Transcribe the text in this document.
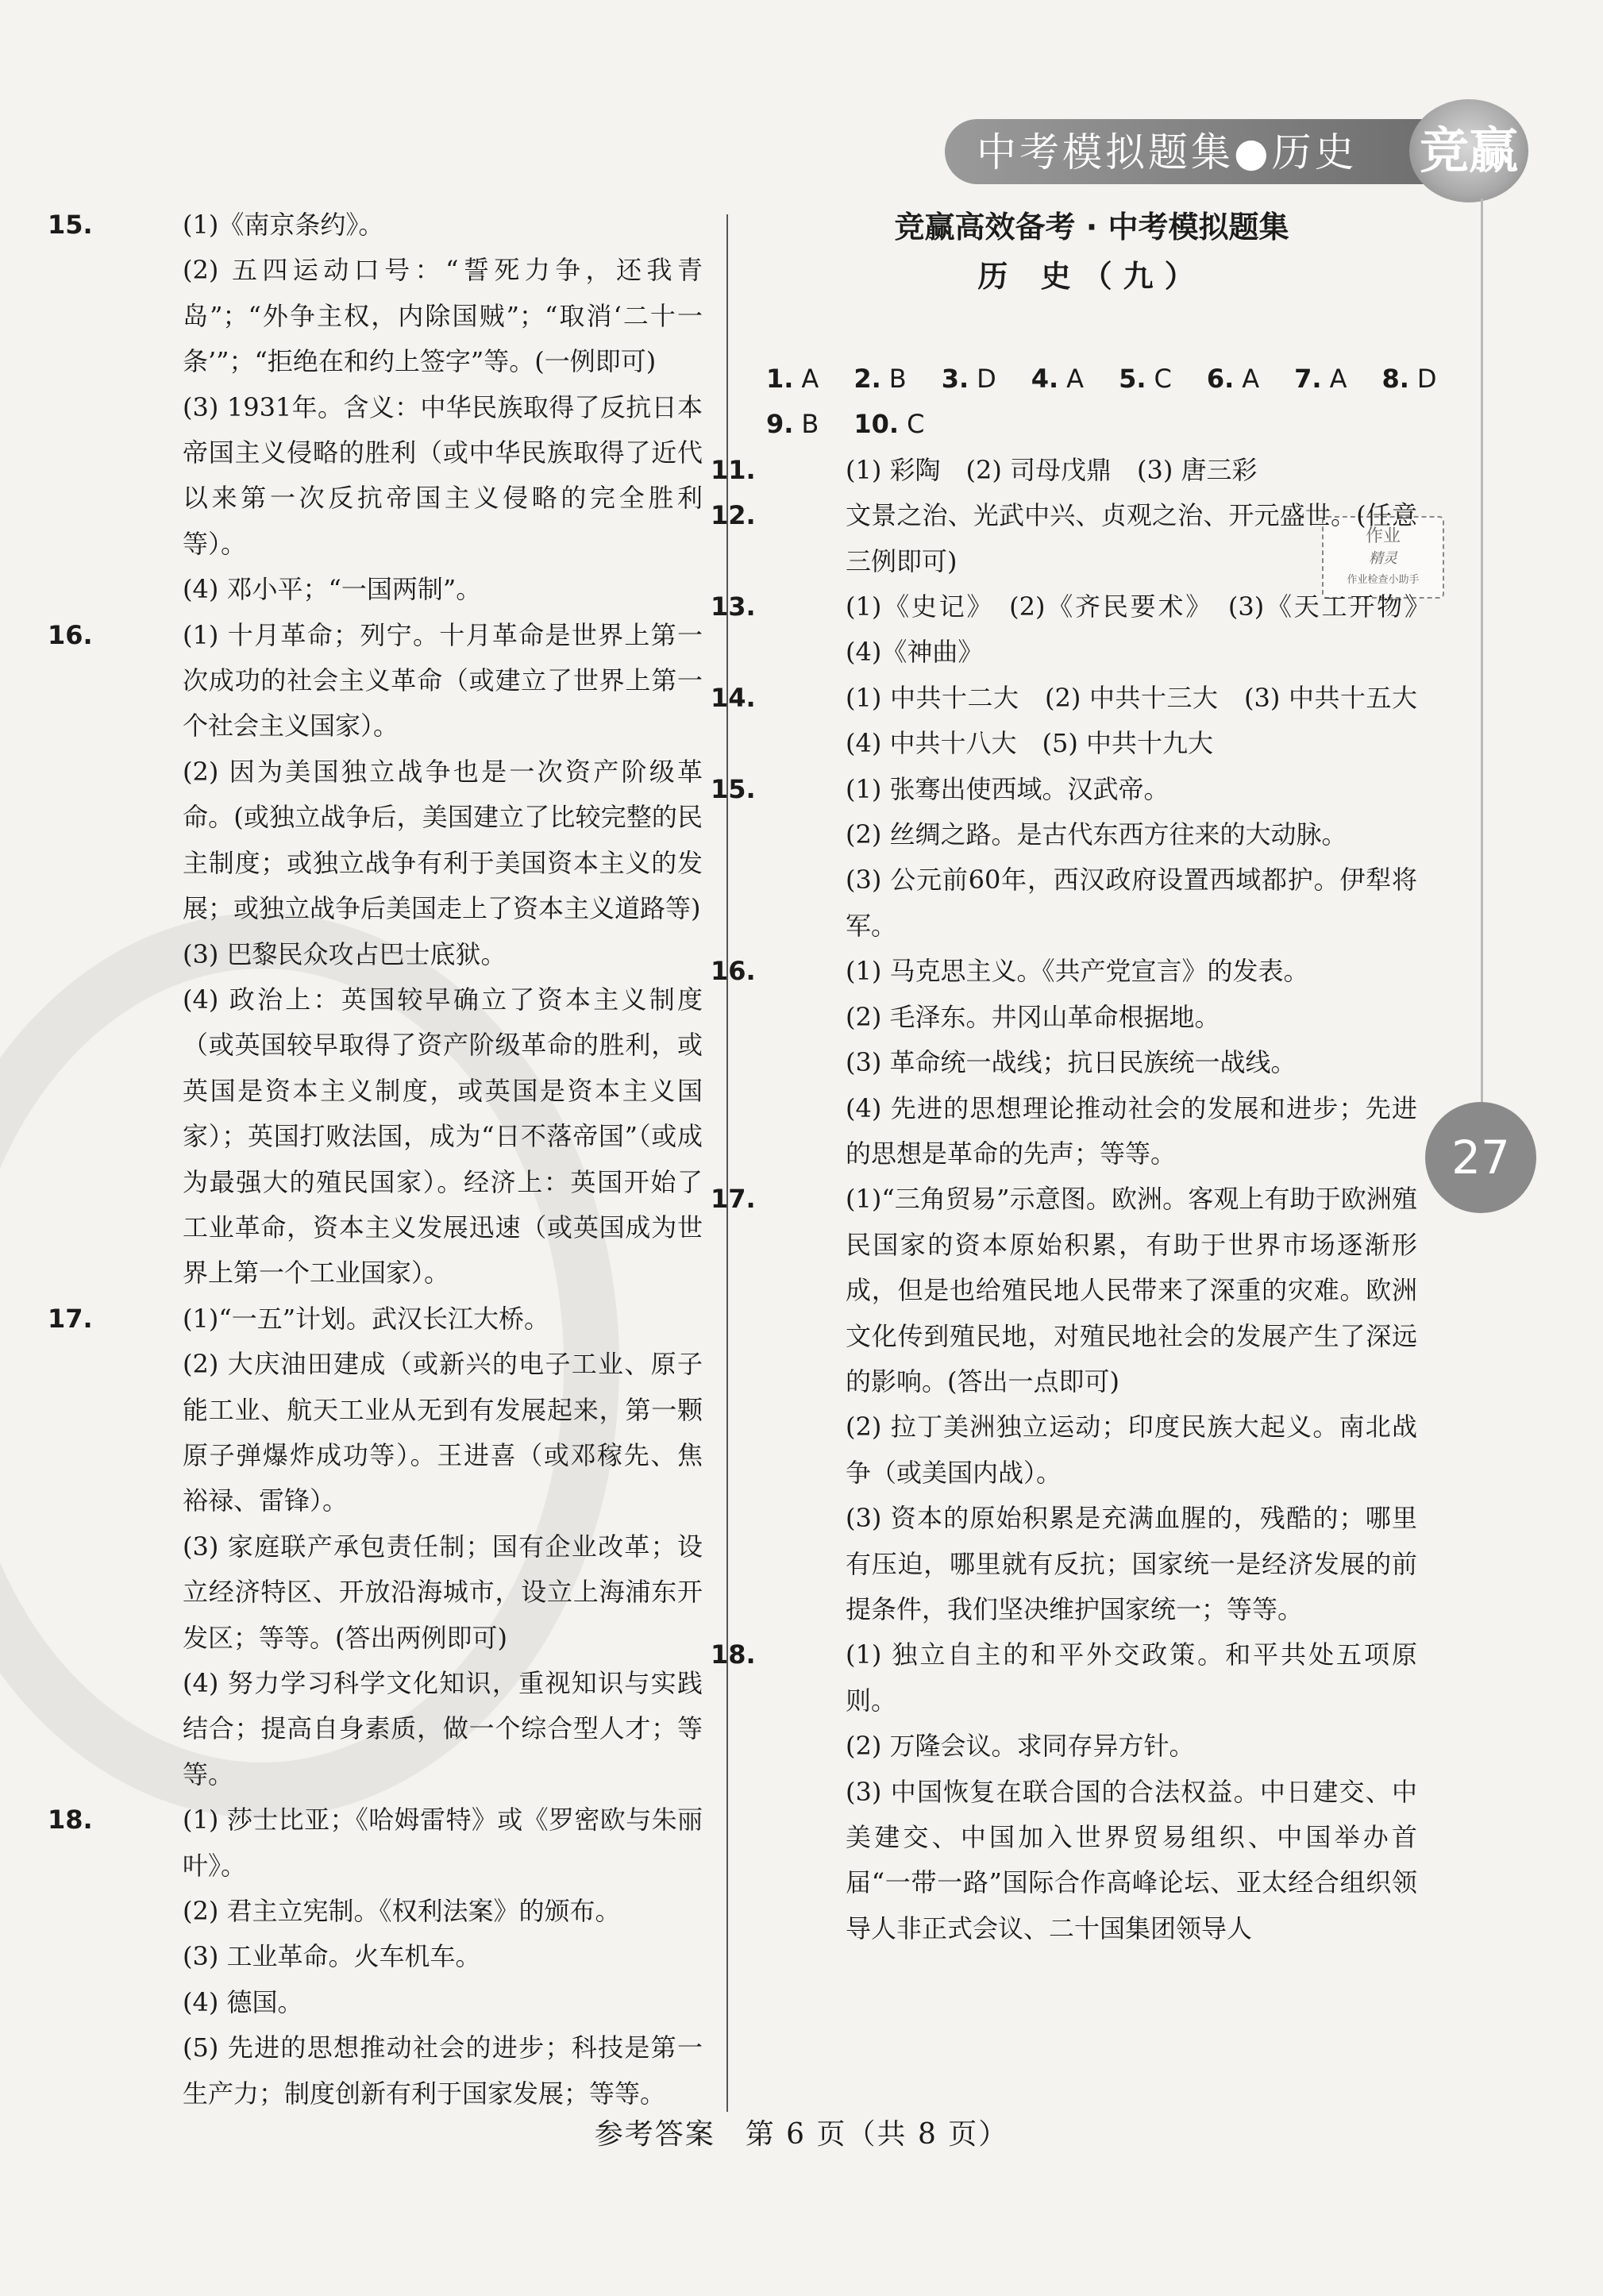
中考模拟题集●历史 竞赢
27
作业
精灵
作业检查小助手
15.	(1)《南京条约》。

(2) 五四运动口号：“誓死力争，还我青岛”；“外争主权，内除国贼”；“取消‘二十一条’”；“拒绝在和约上签字”等。(一例即可)

(3) 1931年。含义：中华民族取得了反抗日本帝国主义侵略的胜利（或中华民族取得了近代以来第一次反抗帝国主义侵略的完全胜利等）。

(4) 邓小平；“一国两制”。

16.	(1) 十月革命；列宁。十月革命是世界上第一次成功的社会主义革命（或建立了世界上第一个社会主义国家）。

(2) 因为美国独立战争也是一次资产阶级革命。(或独立战争后，美国建立了比较完整的民主制度；或独立战争有利于美国资本主义的发展；或独立战争后美国走上了资本主义道路等)

(3) 巴黎民众攻占巴士底狱。

(4) 政治上：英国较早确立了资本主义制度（或英国较早取得了资产阶级革命的胜利，或英国是资本主义制度，或英国是资本主义国家）；英国打败法国，成为“日不落帝国”（或成为最强大的殖民国家）。经济上：英国开始了工业革命，资本主义发展迅速（或英国成为世界上第一个工业国家）。

17.	(1)“一五”计划。武汉长江大桥。

(2) 大庆油田建成（或新兴的电子工业、原子能工业、航天工业从无到有发展起来，第一颗原子弹爆炸成功等）。王进喜（或邓稼先、焦裕禄、雷锋）。

(3) 家庭联产承包责任制；国有企业改革；设立经济特区、开放沿海城市，设立上海浦东开发区；等等。(答出两例即可)

(4) 努力学习科学文化知识，重视知识与实践结合；提高自身素质，做一个综合型人才；等等。

18.	(1) 莎士比亚；《哈姆雷特》或《罗密欧与朱丽叶》。

(2) 君主立宪制。《权利法案》的颁布。

(3) 工业革命。火车机车。

(4) 德国。

(5) 先进的思想推动社会的进步；科技是第一生产力；制度创新有利于国家发展；等等。

竞赢高效备考 · 中考模拟题集

历 史（九）

1. A 2. B 3. D 4. A 5. C 6. A 7. A 8. D

9. B 10. C

11.	(1) 彩陶　(2) 司母戊鼎　(3) 唐三彩

12.	文景之治、光武中兴、贞观之治、开元盛世。(任意三例即可)

13.	(1)《史记》　(2)《齐民要术》　(3)《天工开物》　(4)《神曲》

14.	(1) 中共十二大　(2) 中共十三大　(3) 中共十五大　(4) 中共十八大　(5) 中共十九大

15.	(1) 张骞出使西域。汉武帝。

(2) 丝绸之路。是古代东西方往来的大动脉。

(3) 公元前60年，西汉政府设置西域都护。伊犁将军。

16.	(1) 马克思主义。《共产党宣言》的发表。

(2) 毛泽东。井冈山革命根据地。

(3) 革命统一战线；抗日民族统一战线。

(4) 先进的思想理论推动社会的发展和进步；先进的思想是革命的先声；等等。

17.	(1)“三角贸易”示意图。欧洲。客观上有助于欧洲殖民国家的资本原始积累，有助于世界市场逐渐形成，但是也给殖民地人民带来了深重的灾难。欧洲文化传到殖民地，对殖民地社会的发展产生了深远的影响。(答出一点即可)

(2) 拉丁美洲独立运动；印度民族大起义。南北战争（或美国内战）。

(3) 资本的原始积累是充满血腥的，残酷的；哪里有压迫，哪里就有反抗；国家统一是经济发展的前提条件，我们坚决维护国家统一；等等。

18.	(1) 独立自主的和平外交政策。和平共处五项原则。

(2) 万隆会议。求同存异方针。

(3) 中国恢复在联合国的合法权益。中日建交、中美建交、中国加入世界贸易组织、中国举办首届“一带一路”国际合作高峰论坛、亚太经合组织领导人非正式会议、二十国集团领导人

参考答案　第 6 页（共 8 页）
